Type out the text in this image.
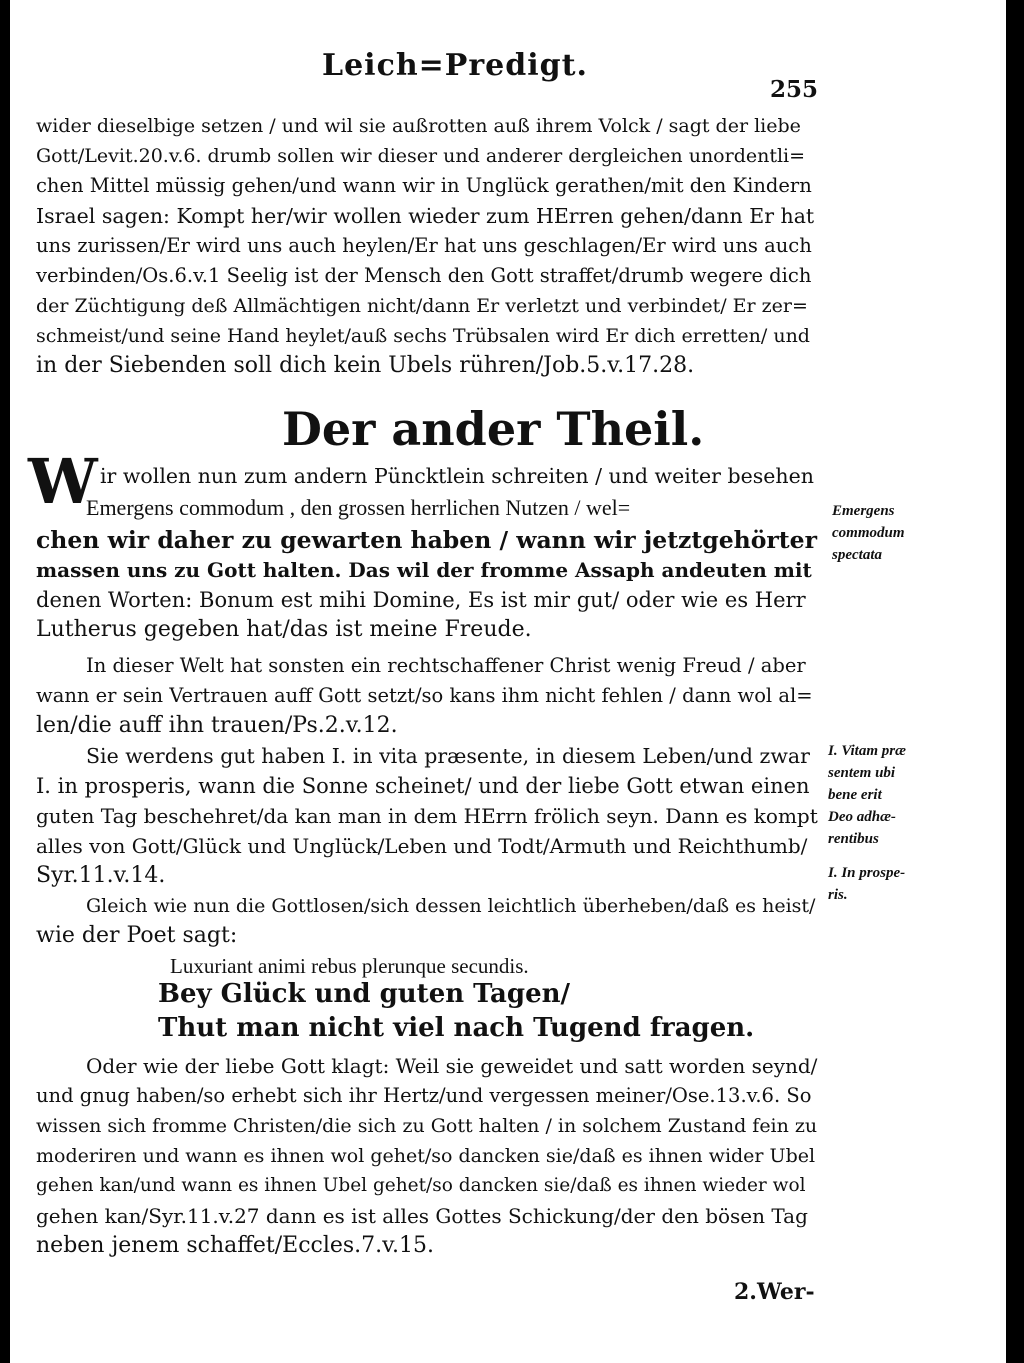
Leich=Predigt.
255
wider dieselbige setzen / und wil sie außrotten auß ihrem Volck / sagt der liebe
Gott/Levit.20.v.6. drumb sollen wir dieser und anderer dergleichen unordentli=
chen Mittel müssig gehen/und wann wir in Unglück gerathen/mit den Kindern
Israel sagen: Kompt her/wir wollen wieder zum HErren gehen/dann Er hat
uns zurissen/Er wird uns auch heylen/Er hat uns geschlagen/Er wird uns auch
verbinden/Os.6.v.1 Seelig ist der Mensch den Gott straffet/drumb wegere dich
der Züchtigung deß Allmächtigen nicht/dann Er verletzt und verbindet/ Er zer=
schmeist/und seine Hand heylet/auß sechs Trübsalen wird Er dich erretten/ und
in der Siebenden soll dich kein Ubels rühren/Job.5.v.17.28.
Der ander Theil.
W ir wollen nun zum andern Püncktlein schreiten / und weiter besehen
Emergens commodum , den grossen herrlichen Nutzen / wel=
chen wir daher zu gewarten haben / wann wir jetztgehörter
massen uns zu Gott halten. Das wil der fromme Assaph andeuten mit
denen Worten: Bonum est mihi Domine, Es ist mir gut/ oder wie es Herr
Lutherus gegeben hat/das ist meine Freude.
In dieser Welt hat sonsten ein rechtschaffener Christ wenig Freud / aber
wann er sein Vertrauen auff Gott setzt/so kans ihm nicht fehlen / dann wol al=
len/die auff ihn trauen/Ps.2.v.12.
Sie werdens gut haben I. in vita præsente, in diesem Leben/und zwar
I. in prosperis, wann die Sonne scheinet/ und der liebe Gott etwan einen
guten Tag beschehret/da kan man in dem HErrn frölich seyn. Dann es kompt
alles von Gott/Glück und Unglück/Leben und Todt/Armuth und Reichthumb/
Syr.11.v.14.
Gleich wie nun die Gottlosen/sich dessen leichtlich überheben/daß es heist/
wie der Poet sagt:
Luxuriant animi rebus plerunque secundis.
Bey Glück und guten Tagen/
Thut man nicht viel nach Tugend fragen.
Oder wie der liebe Gott klagt: Weil sie geweidet und satt worden seynd/
und gnug haben/so erhebt sich ihr Hertz/und vergessen meiner/Ose.13.v.6. So
wissen sich fromme Christen/die sich zu Gott halten / in solchem Zustand fein zu
moderiren und wann es ihnen wol gehet/so dancken sie/daß es ihnen wider Ubel
gehen kan/und wann es ihnen Ubel gehet/so dancken sie/daß es ihnen wieder wol
gehen kan/Syr.11.v.27 dann es ist alles Gottes Schickung/der den bösen Tag
neben jenem schaffet/Eccles.7.v.15.
Emergens
commodum
spectata
I. Vitam præ
sentem ubi
bene erit
Deo adhæ-
rentibus
I. In prospe-
ris.
2.Wer-
